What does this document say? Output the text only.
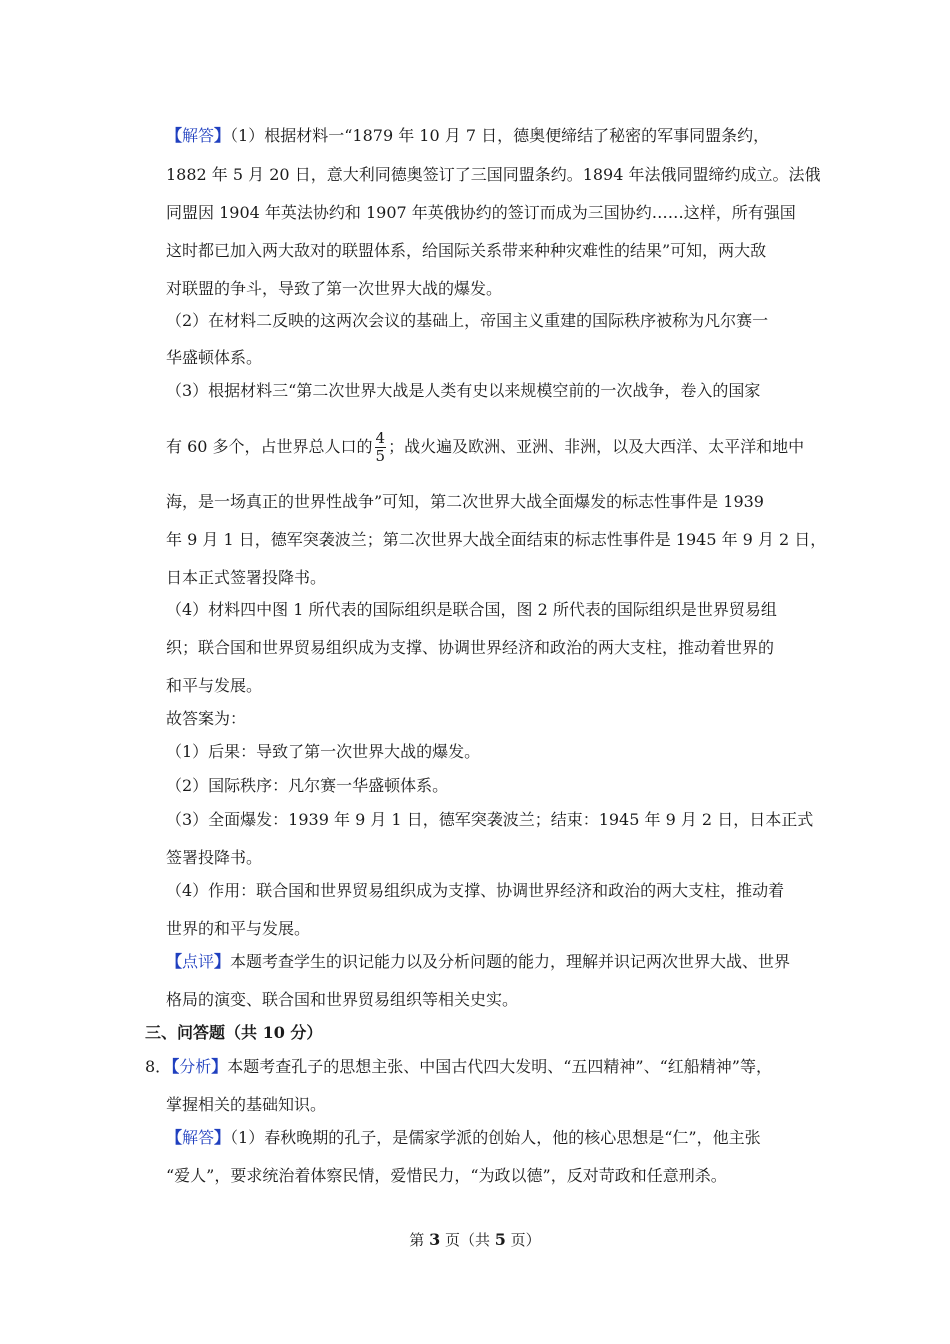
【解答】（1）根据材料一“1879 年 10 月 7 日，德奥便缔结了秘密的军事同盟条约，
1882 年 5 月 20 日，意大利同德奥签订了三国同盟条约。1894 年法俄同盟缔约成立。法俄
同盟因 1904 年英法协约和 1907 年英俄协约的签订而成为三国协约……这样，所有强国
这时都已加入两大敌对的联盟体系，给国际关系带来种种灾难性的结果”可知，两大敌
对联盟的争斗，导致了第一次世界大战的爆发。
（2）在材料二反映的这两次会议的基础上，帝国主义重建的国际秩序被称为凡尔赛一
华盛顿体系。
（3）根据材料三“第二次世界大战是人类有史以来规模空前的一次战争，卷入的国家
有 60 多个，占世界总人口的 $\frac{4}{5}$ ；战火遍及欧洲、亚洲、非洲，以及大西洋、太平洋和地中
海，是一场真正的世界性战争”可知，第二次世界大战全面爆发的标志性事件是 1939
年 9 月 1 日，德军突袭波兰；第二次世界大战全面结束的标志性事件是 1945 年 9 月 2 日，
日本正式签署投降书。
（4）材料四中图 1 所代表的国际组织是联合国，图 2 所代表的国际组织是世界贸易组
织；联合国和世界贸易组织成为支撑、协调世界经济和政治的两大支柱，推动着世界的
和平与发展。
故答案为：
（1）后果：导致了第一次世界大战的爆发。
（2）国际秩序：凡尔赛一华盛顿体系。
（3）全面爆发：1939 年 9 月 1 日，德军突袭波兰；结束：1945 年 9 月 2 日，日本正式
签署投降书。
（4）作用：联合国和世界贸易组织成为支撑、协调世界经济和政治的两大支柱，推动着
世界的和平与发展。
【点评】本题考查学生的识记能力以及分析问题的能力，理解并识记两次世界大战、世界
格局的演变、联合国和世界贸易组织等相关史实。
三、问答题（共 10 分）
8．【分析】本题考查孔子的思想主张、中国古代四大发明、“五四精神”、“红船精神”等，
掌握相关的基础知识。
【解答】（1）春秋晚期的孔子，是儒家学派的创始人，他的核心思想是“仁”，他主张
“爱人”，要求统治着体察民情，爱惜民力，“为政以德”，反对苛政和任意刑杀。
第 3 页（共 5 页）
